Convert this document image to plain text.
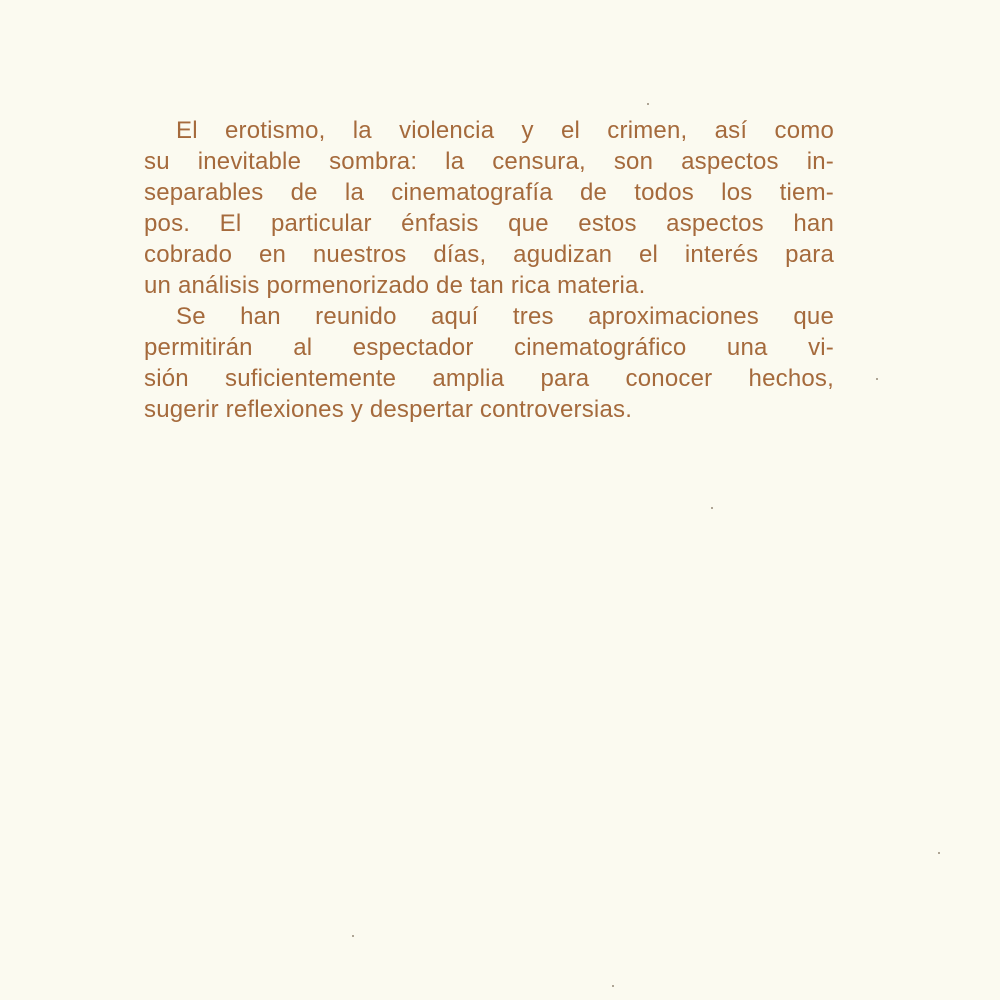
El erotismo, la violencia y el crimen, así como
su inevitable sombra: la censura, son aspectos in-
separables de la cinematografía de todos los tiem-
pos. El particular énfasis que estos aspectos han
cobrado en nuestros días, agudizan el interés para
un análisis pormenorizado de tan rica materia.
Se han reunido aquí tres aproximaciones que
permitirán al espectador cinematográfico una vi-
sión suficientemente amplia para conocer hechos,
sugerir reflexiones y despertar controversias.
